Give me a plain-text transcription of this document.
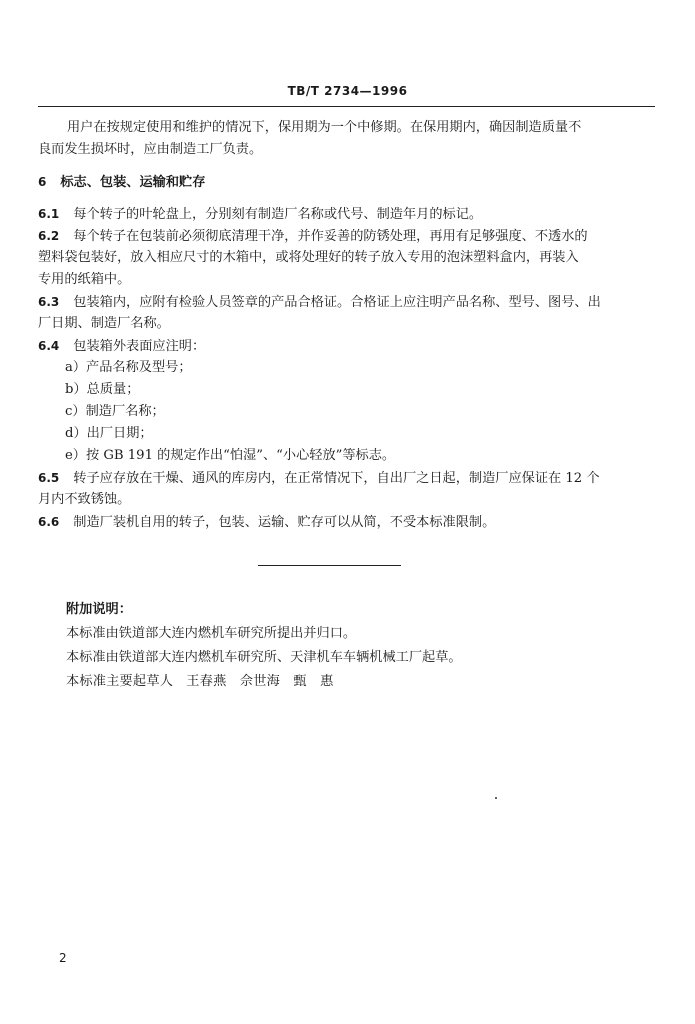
TB/T 2734—1996
用户在按规定使用和维护的情况下，保用期为一个中修期。在保用期内，确因制造质量不
良而发生损坏时，应由制造工厂负责。
6 标志、包装、运输和贮存
6.1 每个转子的叶轮盘上，分别刻有制造厂名称或代号、制造年月的标记。
6.2 每个转子在包装前必须彻底清理干净，并作妥善的防锈处理，再用有足够强度、不透水的
塑料袋包装好，放入相应尺寸的木箱中，或将处理好的转子放入专用的泡沫塑料盒内，再装入
专用的纸箱中。
6.3 包装箱内，应附有检验人员签章的产品合格证。合格证上应注明产品名称、型号、图号、出
厂日期、制造厂名称。
6.4 包装箱外表面应注明：
a）产品名称及型号；
b）总质量；
c）制造厂名称；
d）出厂日期；
e）按 GB 191 的规定作出“怕湿”、“小心轻放”等标志。
6.5 转子应存放在干燥、通风的库房内，在正常情况下，自出厂之日起，制造厂应保证在 12 个
月内不致锈蚀。
6.6 制造厂装机自用的转子，包装、运输、贮存可以从简，不受本标准限制。
附加说明：
本标准由铁道部大连内燃机车研究所提出并归口。
本标准由铁道部大连内燃机车研究所、天津机车车辆机械工厂起草。
本标准主要起草人 王春燕　佘世海　甄　惠
2
